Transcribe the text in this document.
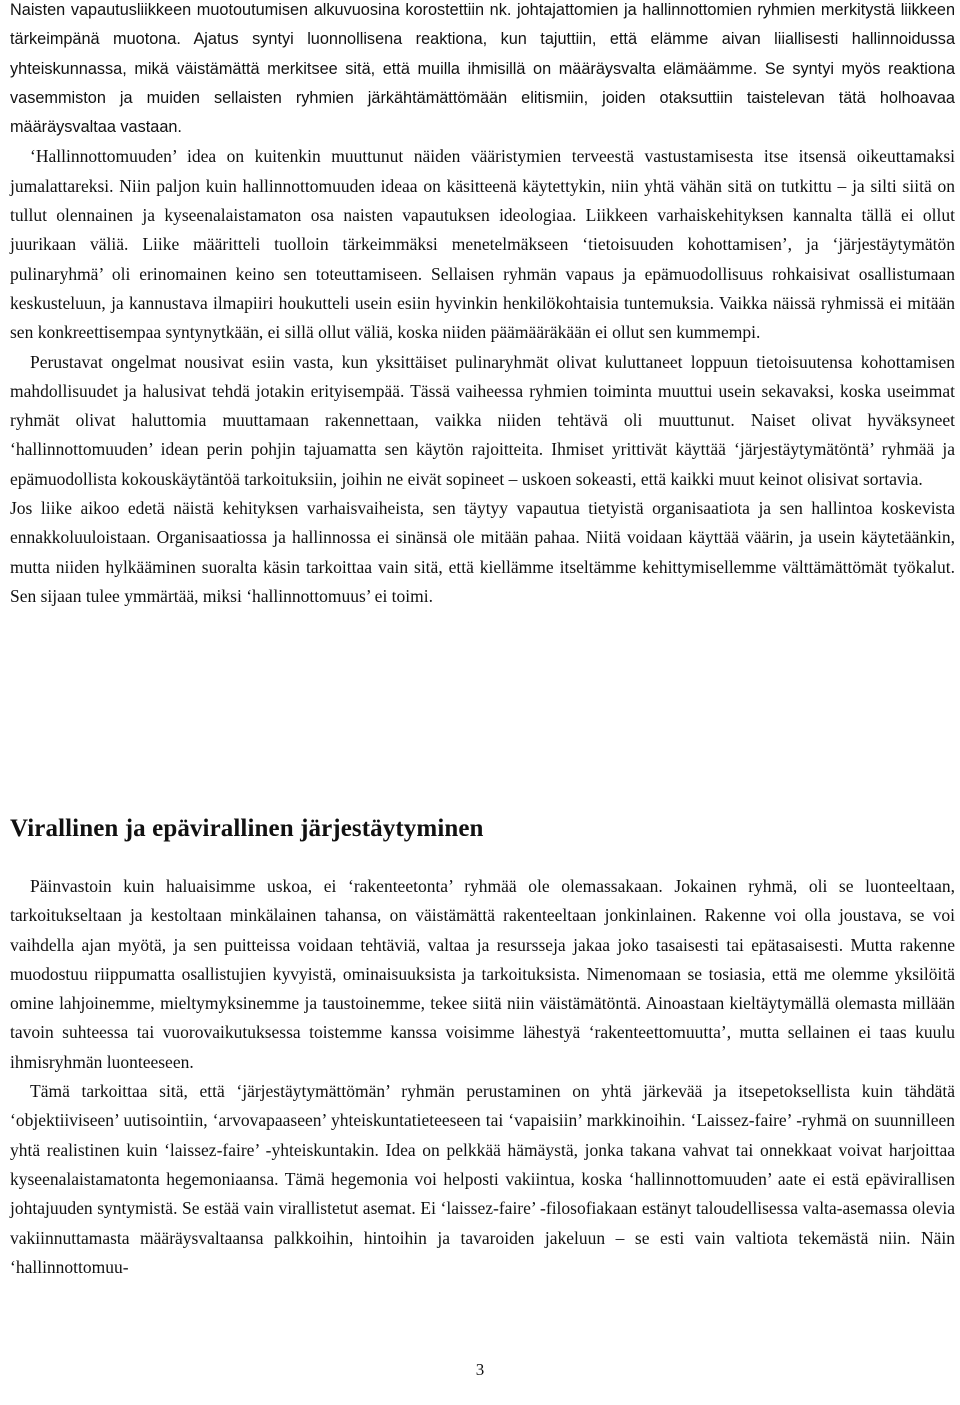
Naisten vapautusliikkeen muotoutumisen alkuvuosina korostettiin nk. johtajattomien ja hallinnottomien ryhmien merkitystä liikkeen tärkeimpänä muotona. Ajatus syntyi luonnollisena reaktiona, kun tajuttiin, että elämme aivan liiallisesti hallinnoidussa yhteiskunnassa, mikä väistämättä merkitsee sitä, että muilla ihmisillä on määräysvalta elämäämme. Se syntyi myös reaktiona vasemmiston ja muiden sellaisten ryhmien järkähtämättömään elitismiin, joiden otaksuttiin taistelevan tätä holhoavaa määräysvaltaa vastaan.

‘Hallinnottomuuden’ idea on kuitenkin muuttunut näiden vääristymien terveestä vastustamisesta itse itsensä oikeuttamaksi jumalattareksi. Niin paljon kuin hallinnottomuuden ideaa on käsitteenä käytettykin, niin yhtä vähän sitä on tutkittu – ja silti siitä on tullut olennainen ja kyseenalaistamaton osa naisten vapautuksen ideologiaa. Liikkeen varhaiskehityksen kannalta tällä ei ollut juurikaan väliä. Liike määritteli tuolloin tärkeimmäksi menetelmäkseen ‘tietoisuuden kohottamisen’, ja ‘järjestäytymätön pulinaryhmä’ oli erinomainen keino sen toteuttamiseen. Sellaisen ryhmän vapaus ja epämuodollisuus rohkaisivat osallistumaan keskusteluun, ja kannustava ilmapiiri houkutteli usein esiin hyvinkin henkilökohtaisia tuntemuksia. Vaikka näissä ryhmissä ei mitään sen konkreettisempaa syntynytkään, ei sillä ollut väliä, koska niiden päämääräkään ei ollut sen kummempi.

Perustavat ongelmat nousivat esiin vasta, kun yksittäiset pulinaryhmät olivat kuluttaneet loppuun tietoisuutensa kohottamisen mahdollisuudet ja halusivat tehdä jotakin erityisempää. Tässä vaiheessa ryhmien toiminta muuttui usein sekavaksi, koska useimmat ryhmät olivat haluttomia muuttamaan rakennettaan, vaikka niiden tehtävä oli muuttunut. Naiset olivat hyväksyneet ‘hallinnottomuuden’ idean perin pohjin tajuamatta sen käytön rajoitteita. Ihmiset yrittivät käyttää ‘järjestäytymätöntä’ ryhmää ja epämuodollista kokouskäytäntöä tarkoituksiin, joihin ne eivät sopineet – uskoen sokeasti, että kaikki muut keinot olisivat sortavia.

Jos liike aikoo edetä näistä kehityksen varhaisvaiheista, sen täytyy vapautua tietyistä organisaatiota ja sen hallintoa koskevista ennakkoluuloistaan. Organisaatiossa ja hallinnossa ei sinänsä ole mitään pahaa. Niitä voidaan käyttää väärin, ja usein käytetäänkin, mutta niiden hylkääminen suoralta käsin tarkoittaa vain sitä, että kiellämme itseltämme kehittymisellemme välttämättömät työkalut. Sen sijaan tulee ymmärtää, miksi ‘hallinnottomuus’ ei toimi.

Virallinen ja epävirallinen järjestäytyminen

Päinvastoin kuin haluaisimme uskoa, ei ‘rakenteetonta’ ryhmää ole olemassakaan. Jokainen ryhmä, oli se luonteeltaan, tarkoitukseltaan ja kestoltaan minkälainen tahansa, on väistämättä rakenteeltaan jonkinlainen. Rakenne voi olla joustava, se voi vaihdella ajan myötä, ja sen puitteissa voidaan tehtäviä, valtaa ja resursseja jakaa joko tasaisesti tai epätasaisesti. Mutta rakenne muodostuu riippumatta osallistujien kyvyistä, ominaisuuksista ja tarkoituksista. Nimenomaan se tosiasia, että me olemme yksilöitä omine lahjoinemme, mieltymyksinemme ja taustoinemme, tekee siitä niin väistämätöntä. Ainoastaan kieltäytymällä olemasta millään tavoin suhteessa tai vuorovaikutuksessa toistemme kanssa voisimme lähestyä ‘rakenteettomuutta’, mutta sellainen ei taas kuulu ihmisryhmän luonteeseen.

Tämä tarkoittaa sitä, että ‘järjestäytymättömän’ ryhmän perustaminen on yhtä järkevää ja itsepetoksellista kuin tähdätä ‘objektiiviseen’ uutisointiin, ‘arvovapaaseen’ yhteiskuntatieteeseen tai ‘vapaisiin’ markkinoihin. ‘Laissez-faire’ -ryhmä on suunnilleen yhtä realistinen kuin ‘laissez-faire’ -yhteiskuntakin. Idea on pelkkää hämäystä, jonka takana vahvat tai onnekkaat voivat harjoittaa kyseenalaistamatonta hegemoniaansa. Tämä hegemonia voi helposti vakiintua, koska ‘hallinnottomuuden’ aate ei estä epävirallisen johtajuuden syntymistä. Se estää vain virallistetut asemat. Ei ‘laissez-faire’ -filosofiakaan estänyt taloudellisessa valta-asemassa olevia vakiinnuttamasta määräysvaltaansa palkkoihin, hintoihin ja tavaroiden jakeluun – se esti vain valtiota tekemästä niin. Näin ‘hallinnottomuu-

3
